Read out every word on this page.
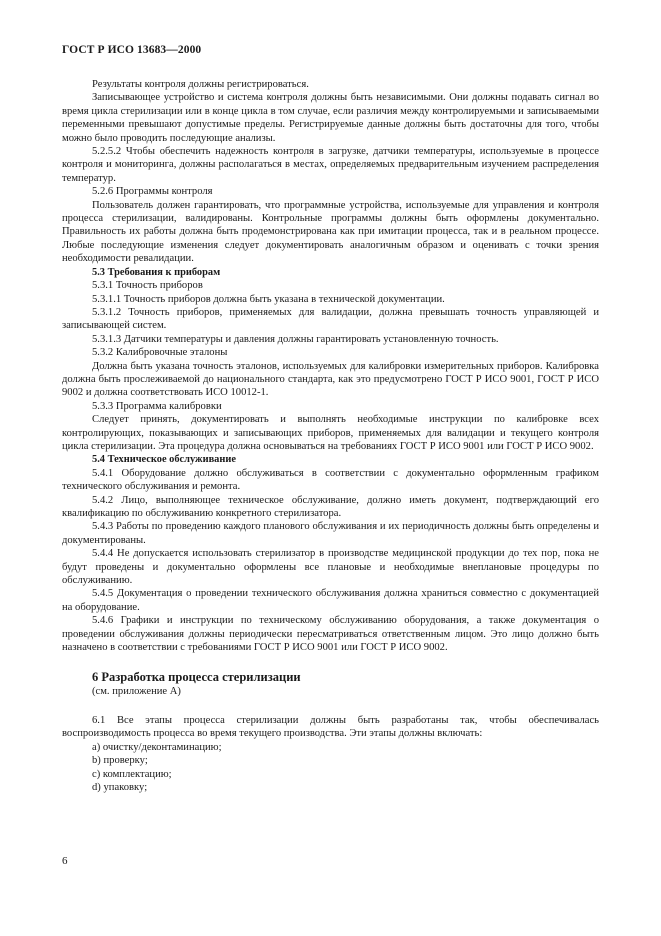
ГОСТ Р ИСО 13683—2000
Результаты контроля должны регистрироваться.
Записывающее устройство и система контроля должны быть независимыми. Они должны подавать сигнал во время цикла стерилизации или в конце цикла в том случае, если различия между контролируемыми и записываемыми переменными превышают допустимые пределы. Регистрируемые данные должны быть достаточны для того, чтобы можно было проводить последующие анализы.
5.2.5.2 Чтобы обеспечить надежность контроля в загрузке, датчики температуры, используемые в процессе контроля и мониторинга, должны располагаться в местах, определяемых предварительным изучением распределения температур.
5.2.6 Программы контроля
Пользователь должен гарантировать, что программные устройства, используемые для управления и контроля процесса стерилизации, валидированы. Контрольные программы должны быть оформлены документально. Правильность их работы должна быть продемонстрирована как при имитации процесса, так и в реальном процессе. Любые последующие изменения следует документировать аналогичным образом и оценивать с точки зрения необходимости ревалидации.
5.3 Требования к приборам
5.3.1 Точность приборов
5.3.1.1 Точность приборов должна быть указана в технической документации.
5.3.1.2 Точность приборов, применяемых для валидации, должна превышать точность управляющей и записывающей систем.
5.3.1.3 Датчики температуры и давления должны гарантировать установленную точность.
5.3.2 Калибровочные эталоны
Должна быть указана точность эталонов, используемых для калибровки измерительных приборов. Калибровка должна быть прослеживаемой до национального стандарта, как это предусмотрено ГОСТ Р ИСО 9001, ГОСТ Р ИСО 9002 и должна соответствовать ИСО 10012-1.
5.3.3 Программа калибровки
Следует принять, документировать и выполнять необходимые инструкции по калибровке всех контролирующих, показывающих и записывающих приборов, применяемых для валидации и текущего контроля цикла стерилизации. Эта процедура должна основываться на требованиях ГОСТ Р ИСО 9001 или ГОСТ Р ИСО 9002.
5.4 Техническое обслуживание
5.4.1 Оборудование должно обслуживаться в соответствии с документально оформленным графиком технического обслуживания и ремонта.
5.4.2 Лицо, выполняющее техническое обслуживание, должно иметь документ, подтверждающий его квалификацию по обслуживанию конкретного стерилизатора.
5.4.3 Работы по проведению каждого планового обслуживания и их периодичность должны быть определены и документированы.
5.4.4 Не допускается использовать стерилизатор в производстве медицинской продукции до тех пор, пока не будут проведены и документально оформлены все плановые и необходимые внеплановые процедуры по обслуживанию.
5.4.5 Документация о проведении технического обслуживания должна храниться совместно с документацией на оборудование.
5.4.6 Графики и инструкции по техническому обслуживанию оборудования, а также документация о проведении обслуживания должны периодически пересматриваться ответственным лицом. Это лицо должно быть назначено в соответствии с требованиями ГОСТ Р ИСО 9001 или ГОСТ Р ИСО 9002.
6 Разработка процесса стерилизации
(см. приложение А)
6.1 Все этапы процесса стерилизации должны быть разработаны так, чтобы обеспечивалась воспроизводимость процесса во время текущего производства. Эти этапы должны включать:
a) очистку/деконтаминацию;
b) проверку;
c) комплектацию;
d) упаковку;
6
